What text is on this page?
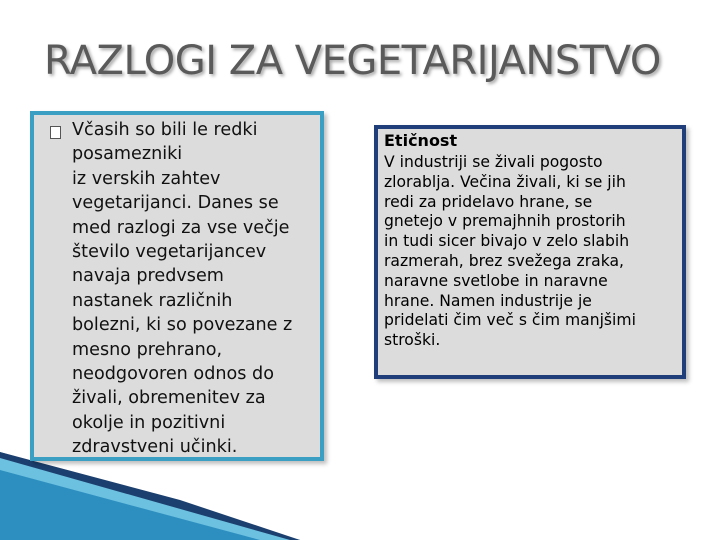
RAZLOGI ZA VEGETARIJANSTVO
Včasih so bili le redki
posamezniki
iz verskih zahtev
vegetarijanci. Danes se
med razlogi za vse večje
število vegetarijancev
navaja predvsem
nastanek različnih
bolezni, ki so povezane z
mesno prehrano,
neodgovoren odnos do
živali, obremenitev za
okolje in pozitivni
zdravstveni učinki.
Etičnost
V industriji se živali pogosto
zlorablja. Večina živali, ki se jih
redi za pridelavo hrane, se
gnetejo v premajhnih prostorih
in tudi sicer bivajo v zelo slabih
razmerah, brez svežega zraka,
naravne svetlobe in naravne
hrane. Namen industrije je
pridelati čim več s čim manjšimi
stroški.
